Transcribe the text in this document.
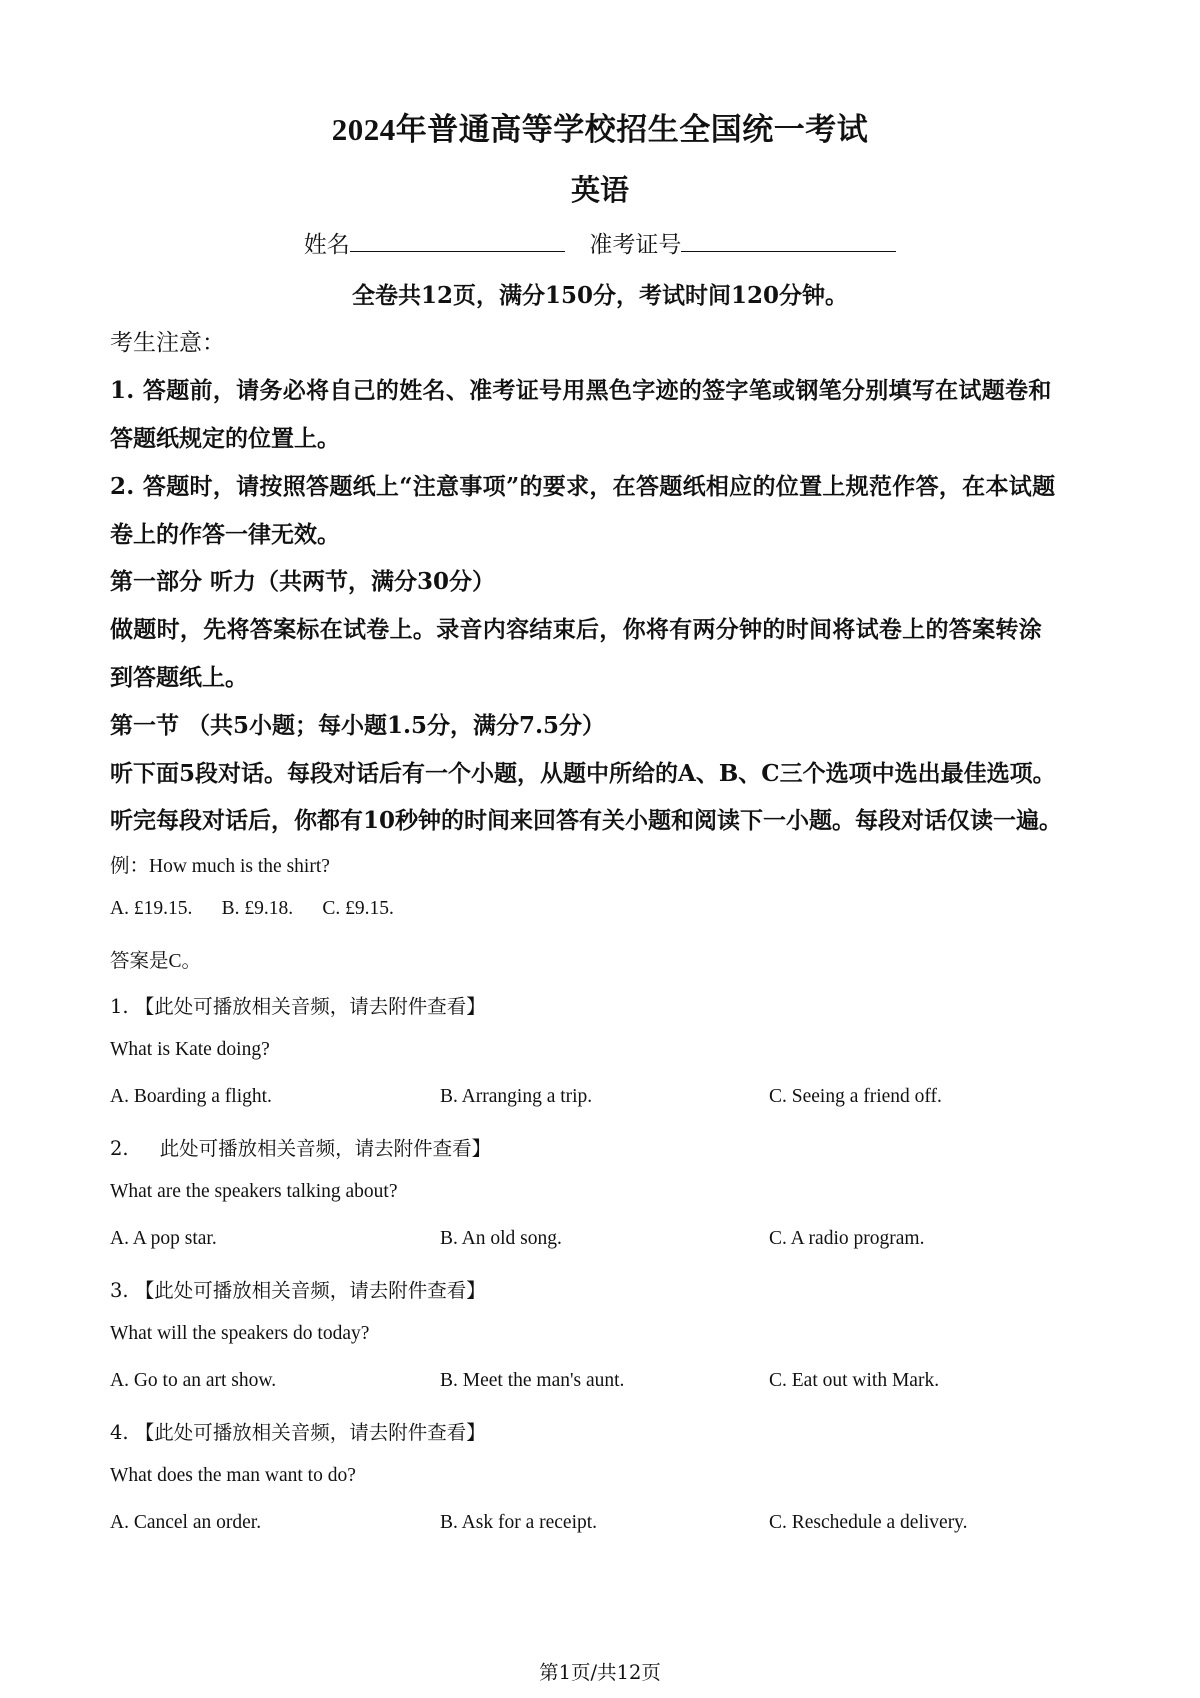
2024年普通高等学校招生全国统一考试
英语
姓名	准考证号
全卷共12页，满分150分，考试时间120分钟。
考生注意：
1. 答题前，请务必将自己的姓名、准考证号用黑色字迹的签字笔或钢笔分别填写在试题卷和
答题纸规定的位置上。
2. 答题时，请按照答题纸上“注意事项”的要求，在答题纸相应的位置上规范作答，在本试题
卷上的作答一律无效。
第一部分 听力（共两节，满分30分）
做题时，先将答案标在试卷上。录音内容结束后，你将有两分钟的时间将试卷上的答案转涂
到答题纸上。
第一节 （共5小题；每小题1.5分，满分7.5分）
听下面5段对话。每段对话后有一个小题，从题中所给的A、B、C三个选项中选出最佳选项。
听完每段对话后，你都有10秒钟的时间来回答有关小题和阅读下一小题。每段对话仅读一遍。
例：How much is the shirt?
A. £19.15.      B. £9.18.      C. £9.15.
答案是C。
1. 【此处可播放相关音频，请去附件查看】
What is Kate doing?
A. Boarding a flight.	B. Arranging a trip.	C. Seeing a friend off.
2.     此处可播放相关音频，请去附件查看】
What are the speakers talking about?
A. A pop star.	B. An old song.	C. A radio program.
3. 【此处可播放相关音频，请去附件查看】
What will the speakers do today?
A. Go to an art show.	B. Meet the man's aunt.	C. Eat out with Mark.
4. 【此处可播放相关音频，请去附件查看】
What does the man want to do?
A. Cancel an order.	B. Ask for a receipt.	C. Reschedule a delivery.
第1页/共12页
